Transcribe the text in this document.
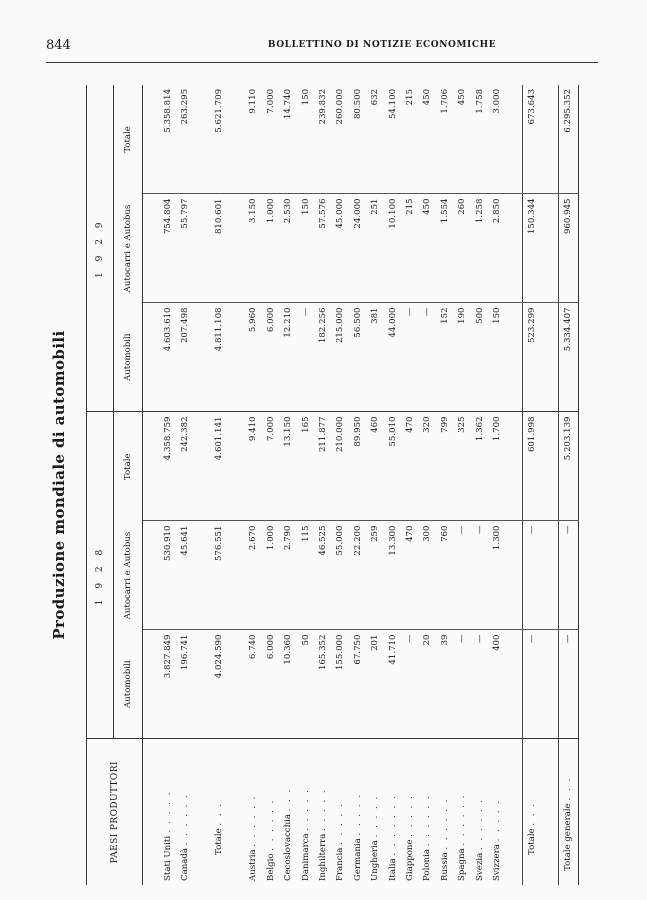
844	BOLLETTINO DI NOTIZIE ECONOMICHE
Produzione mondiale di automobili
PAESI PRODUTTORI	1 9 2 8			1 9 2 9		
	Automobili	Autocarri e Autobus	Totale	Automobili	Autocarri e Autobus	Totale

Stati Uniti . . . . .	3.827.849	530.910	4.358.759	4.603.610	754.804	5.358.814
Canadà . . . . . .	196.741	45.641	242.382	207.498	55.797	263.295

Totale . . .	4.024.590	576.551	4.601.141	4.811.108	810.601	5.621.709

Austria . . . . . .	6.740	2.670	9.410	5.960	3.150	9.110
Belgio . . . . . .	6.000	1.000	7.000	6.000	1.000	7.000
Cecoslovacchia . . .	10.360	2.790	13.150	12.210	2.530	14.740
Danimarca . . . . .	50	115	165	—	150	150
Inghilterra . . . . .	165.352	46.525	211.877	182.256	57.576	239.832
Francia . . . . .	155.000	55.000	210.000	215.000	45.000	260.000
Germania . . . . .	67.750	22.200	89.950	56.500	24.000	80.500
Ungheria . . . . .	201	259	460	381	251	632
Italia . . . . . . .	41.710	13.300	55.010	44.000	10.100	54.100
Giappone . . . . .	—	470	470	—	215	215
Polonia . . . . . .	20	300	320	—	450	450
Russia . . . . . .	39	760	799	152	1.554	1.706
Spagna . . . . . .	—	—	325	190	260	450
Svezia . . . . . .	—	—	1.362	500	1.258	1.758
Svizzera . . . . .	400	1.300	1.700	150	2.850	3.000

Totale . . .	—	—	601.998	523.299	150.344	673.643

Totale generale . . .	—	—	5.203.139	5.334.407	960.945	6.295.352
